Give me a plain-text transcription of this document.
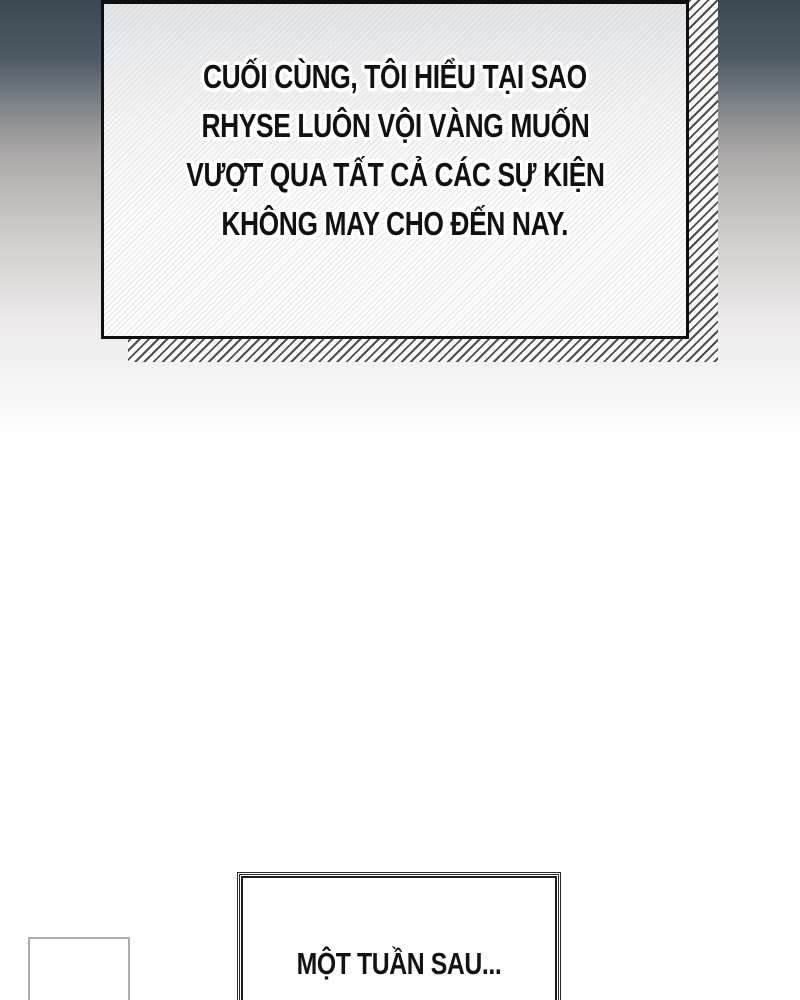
CUỐI CÙNG, TÔI HIỂU TẠI SAO
RHYSE LUÔN VỘI VÀNG MUỐN
VƯỢT QUA TẤT CẢ CÁC SỰ KIỆN
KHÔNG MAY CHO ĐẾN NAY.
MỘT TUẦN SAU...
